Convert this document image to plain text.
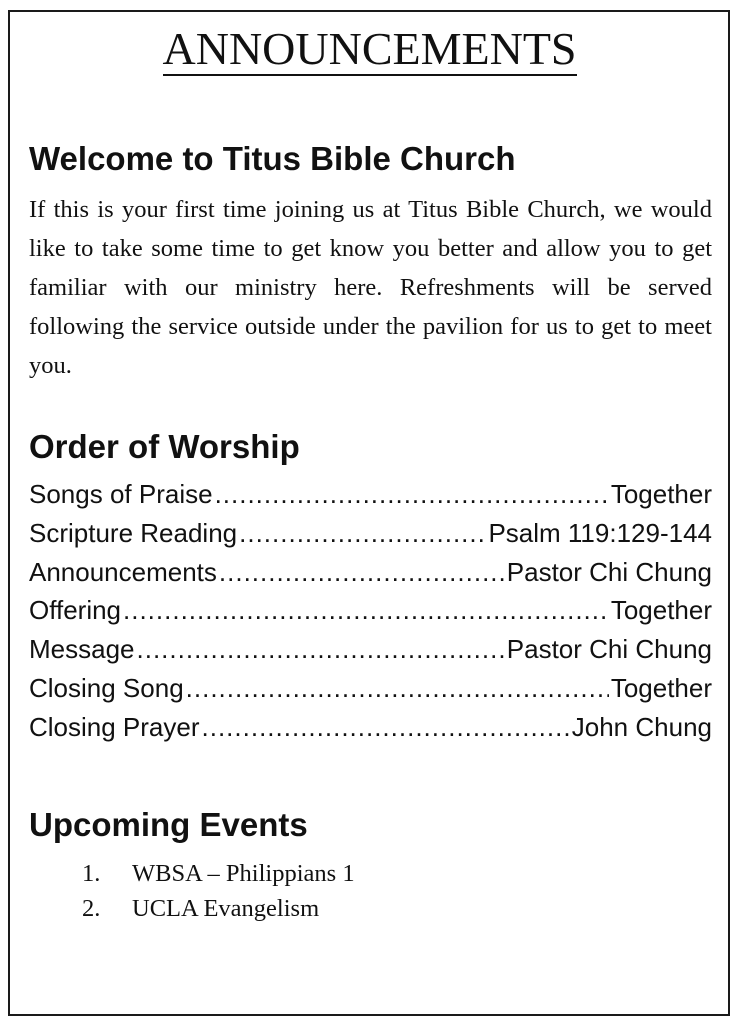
ANNOUNCEMENTS
Welcome to Titus Bible Church

If this is your first time joining us at Titus Bible Church, we would like to take some time to get know you better and allow you to get familiar with our ministry here. Refreshments will be served following the service outside under the pavilion for us to get to meet you.

Order of Worship
Songs of Praise .....	Together
Scripture Reading .....	Psalm 119:129-144
Announcements .....	Pastor Chi Chung
Offering .....	Together
Message .....	Pastor Chi Chung
Closing Song .....	Together
Closing Prayer .....	John Chung
Upcoming Events
1.	WBSA – Philippians 1
2.	UCLA Evangelism
